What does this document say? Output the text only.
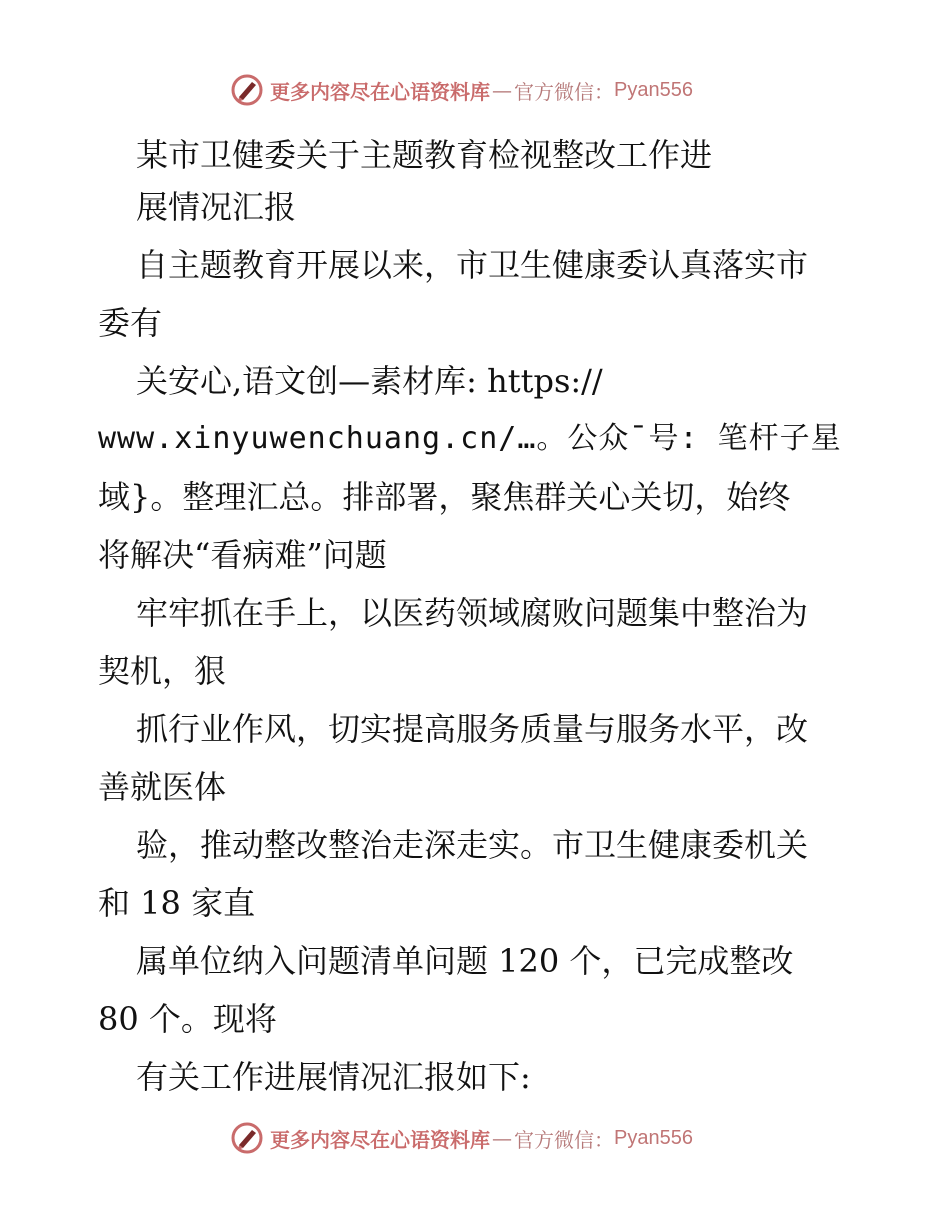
更多内容尽在心语资料库 — 官方微信： Pyan556
某市卫健委关于主题教育检视整改工作进
展情况汇报
自主题教育开展以来，市卫生健康委认真落实市
委有
关安心,语文创—素材库: https://
www.xinyuwenchuang.cn/…。公众¯号: 笔杆子星
域}。整理汇总。排部署，聚焦群关心关切，始终
将解决“看病难”问题
牢牢抓在手上，以医药领域腐败问题集中整治为
契机，狠
抓行业作风，切实提高服务质量与服务水平，改
善就医体
验，推动整改整治走深走实。市卫生健康委机关
和 18 家直
属单位纳入问题清单问题 120 个，已完成整改
80 个。现将
有关工作进展情况汇报如下:
更多内容尽在心语资料库 — 官方微信： Pyan556
